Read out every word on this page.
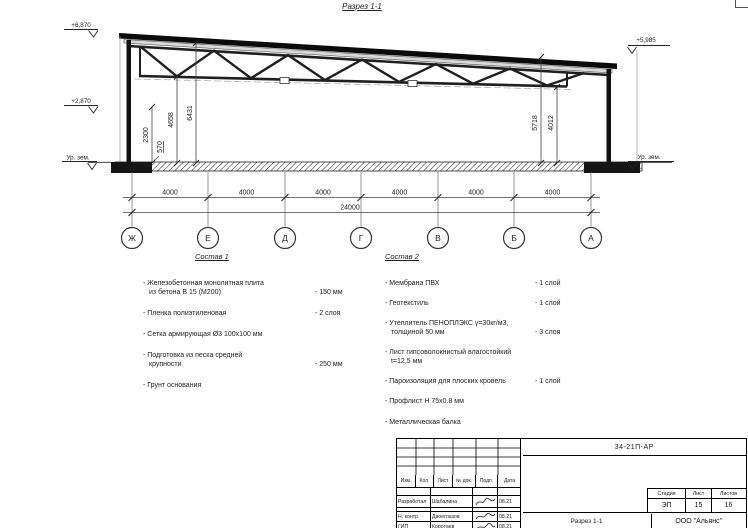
Разрез 1-1
+6,870
+2,870
Ур. зем.
+5,985
Ур. зем.
2300
570
4658 6431
5718 4012
4000	4000	4000	4000	4000	4000
24000
Ж	Е	Д	Г	В	Б	А
Состав 1
- Железобетонная монолитная плита
из бетона В 15 (М200)	- 150 мм
- Пленка полиэтиленовая	- 2 слоя
- Сетка армирующая Ø3 100х100 мм
- Подготовка из песка средней
крупности	- 250 мм
- Грунт основания
Состав 2
- Мембрана ПВХ	- 1 слой
- Геотекстиль	- 1 слой
- Утеплитель ПЕНОПЛЭКС γ=30кг/м3,
толщиной 50 мм	- 3 слоя
- Лист гипсоволокнистый влагостойкий
t=12,5 мм
- Пароизоляция для плоских кровель	- 1 слой
- Профлист Н 75х0.8 мм
- Металлическая балка
Изм.	Кол.	Лист	№ док.	Подп.	Дата
Разработал	Шабалина	08.21
Н. контр.	Двоеглазов	08.21
ГИП	Коротаев	08.21
34-21П-АР
Стадия	Лист	Листов
ЭП	15	16
Разрез 1-1	ООО "Альянс"
